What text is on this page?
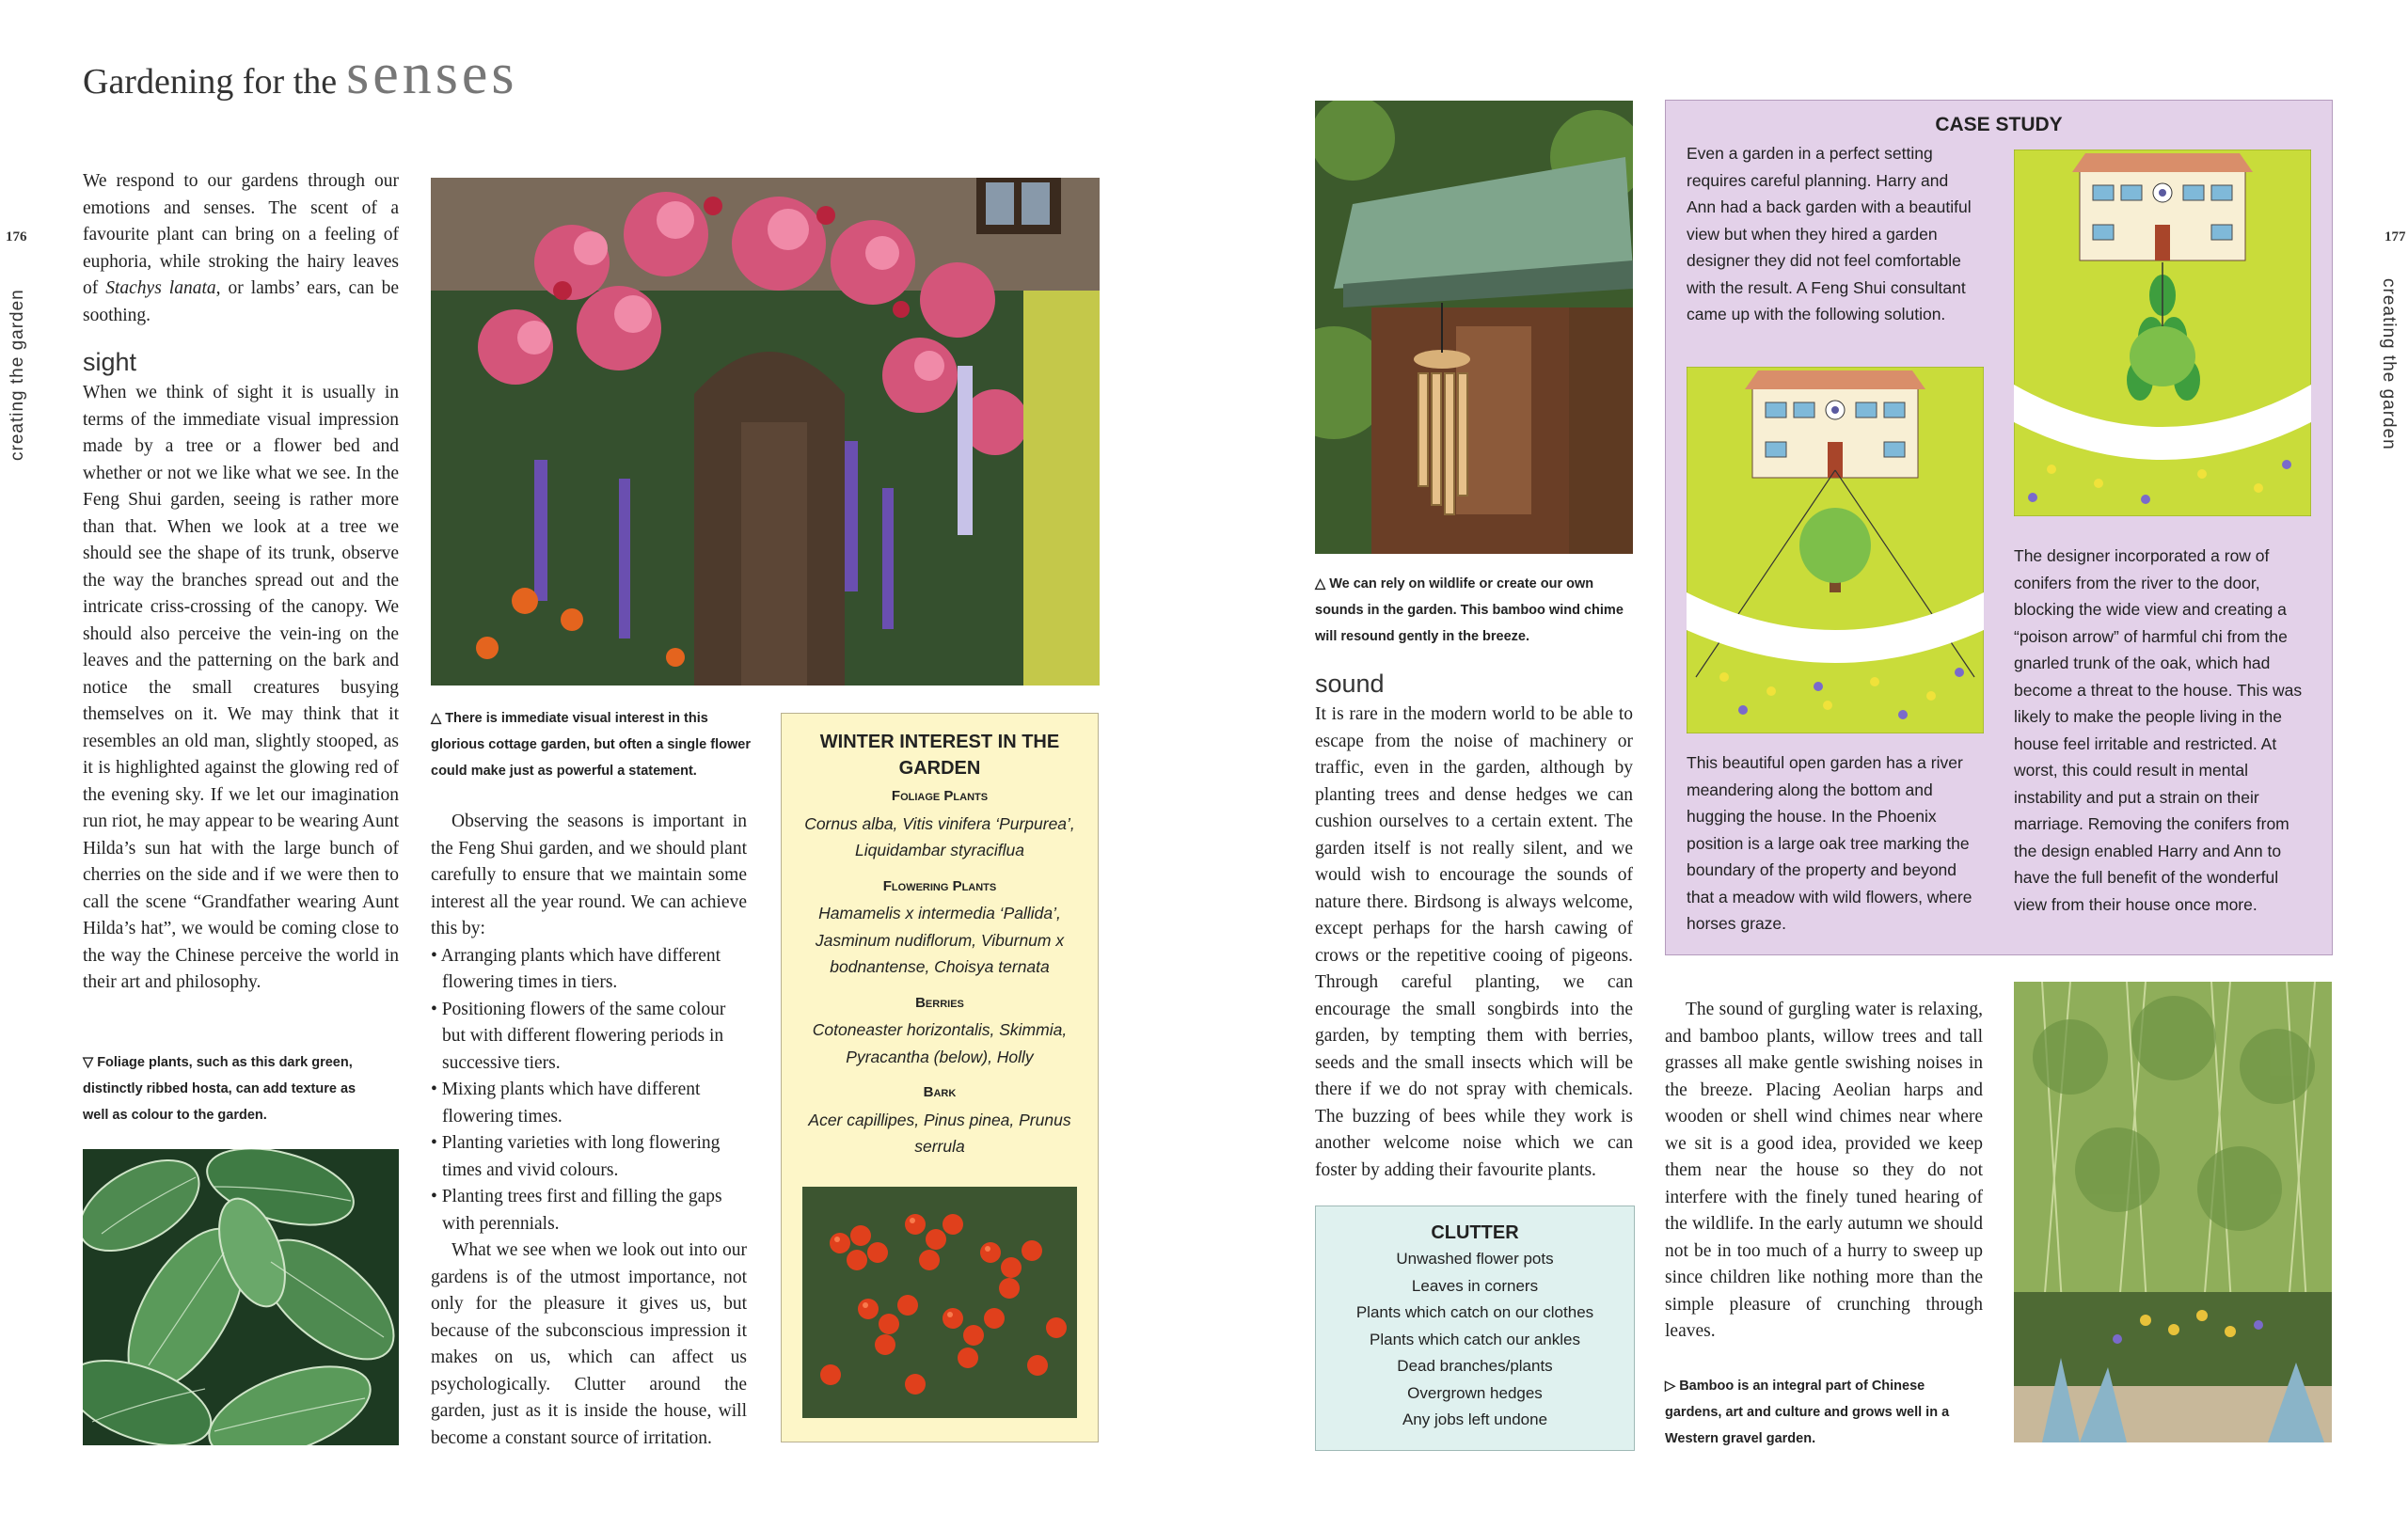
Gardening for the senses
176
creating the garden

We respond to our gardens through our emotions and senses. The scent of a favourite plant can bring on a feeling of euphoria, while stroking the hairy leaves of Stachys lanata, or lambs’ ears, can be soothing.

sight

When we think of sight it is usually in terms of the immediate visual impression made by a tree or a flower bed and whether or not we like what we see. In the Feng Shui garden, seeing is rather more than that. When we look at a tree we should see the shape of its trunk, observe the way the branches spread out and the intricate criss-crossing of the canopy. We should also perceive the vein-ing on the leaves and the patterning on the bark and notice the small creatures busying themselves on it. We may think that it resembles an old man, slightly stooped, as it is highlighted against the glowing red of the evening sky. If we let our imagination run riot, he may appear to be wearing Aunt Hilda’s sun hat with the large bunch of cherries on the side and if we were then to call the scene “Grandfather wearing Aunt Hilda’s hat”, we would be coming close to the way the Chinese perceive the world in their art and philosophy.

▽ Foliage plants, such as this dark green, distinctly ribbed hosta, can add texture as well as colour to the garden.
△ There is immediate visual interest in this glorious cottage garden, but often a single flower could make just as powerful a statement.

Observing the seasons is important in the Feng Shui garden, and we should plant carefully to ensure that we maintain some interest all the year round. We can achieve this by:

• Arranging plants which have different flowering times in tiers.
• Positioning flowers of the same colour but with different flowering periods in successive tiers.
• Mixing plants which have different flowering times.
• Planting varieties with long flowering times and vivid colours.
• Planting trees first and filling the gaps with perennials.

What we see when we look out into our gardens is of the utmost importance, not only for the pleasure it gives us, but because of the subconscious impression it makes on us, which can affect us psychologically. Clutter around the garden, just as it is inside the house, will become a constant source of irritation.

WINTER INTEREST IN THE GARDEN
Foliage Plants
Cornus alba, Vitis vinifera ‘Purpurea’, Liquidambar styraciflua
Flowering Plants
Hamamelis x intermedia ‘Pallida’, Jasminum nudiflorum, Viburnum x bodnantense, Choisya ternata
Berries
Cotoneaster horizontalis, Skimmia, Pyracantha (below), Holly
Bark
Acer capillipes, Pinus pinea, Prunus serrula
177
creating the garden
△ We can rely on wildlife or create our own sounds in the garden. This bamboo wind chime will resound gently in the breeze.
sound

It is rare in the modern world to be able to escape from the noise of machinery or traffic, even in the garden, although by planting trees and dense hedges we can cushion ourselves to a certain extent. The garden itself is not really silent, and we would wish to encourage the sounds of nature there. Birdsong is always welcome, except perhaps for the harsh cawing of crows or the repetitive cooing of pigeons. Through careful planting, we can encourage the small songbirds into the garden, by tempting them with berries, seeds and the small insects which will be there if we do not spray with chemicals. The buzzing of bees while they work is another welcome noise which we can foster by adding their favourite plants.

CLUTTER
Unwashed flower pots
Leaves in corners
Plants which catch on our clothes
Plants which catch our ankles
Dead branches/plants
Overgrown hedges
Any jobs left undone
CASE STUDY
Even a garden in a perfect setting requires careful planning. Harry and Ann had a back garden with a beautiful view but when they hired a garden designer they did not feel comfortable with the result. A Feng Shui consultant came up with the following solution.
This beautiful open garden has a river meandering along the bottom and hugging the house. In the Phoenix position is a large oak tree marking the boundary of the property and beyond that a meadow with wild flowers, where horses graze.
The designer incorporated a row of conifers from the river to the door, blocking the wide view and creating a “poison arrow” of harmful chi from the gnarled trunk of the oak, which had become a threat to the house. This was likely to make the people living in the house feel irritable and restricted. At worst, this could result in mental instability and put a strain on their marriage. Removing the conifers from the design enabled Harry and Ann to have the full benefit of the wonderful view from their house once more.

The sound of gurgling water is relaxing, and bamboo plants, willow trees and tall grasses all make gentle swishing noises in the breeze. Placing Aeolian harps and wooden or shell wind chimes near where we sit is a good idea, provided we keep them near the house so they do not interfere with the finely tuned hearing of the wildlife. In the early autumn we should not be in too much of a hurry to sweep up since children like nothing more than the simple pleasure of crunching through leaves.

▷ Bamboo is an integral part of Chinese gardens, art and culture and grows well in a Western gravel garden.
